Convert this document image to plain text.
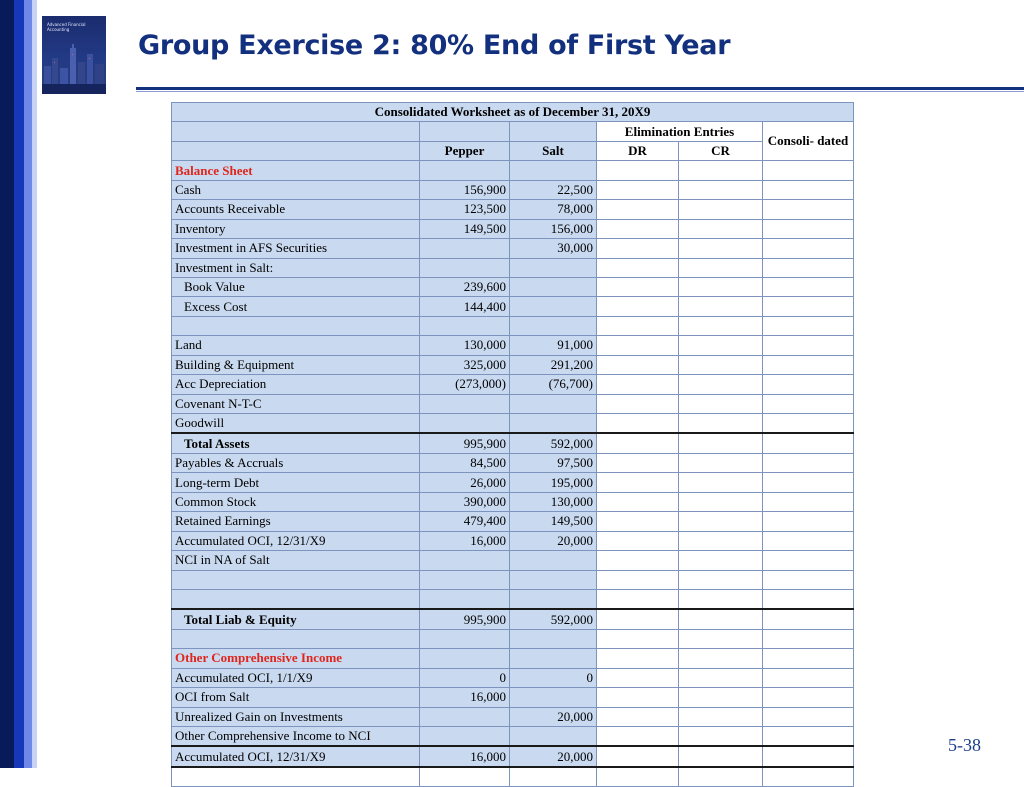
Advanced Financial Accounting
Group Exercise 2: 80% End of First Year
Consolidated Worksheet as of December 31, 20X9					
			Elimination Entries		Consoli- dated
	Pepper	Salt	DR	CR	
Balance Sheet					
Cash	156,900	22,500			
Accounts Receivable	123,500	78,000			
Inventory	149,500	156,000			
Investment in AFS Securities		30,000			
Investment in Salt:					
Book Value	239,600				
Excess Cost	144,400				

Land	130,000	91,000			
Building & Equipment	325,000	291,200			
Acc Depreciation	(273,000)	(76,700)			
Covenant N-T-C					
Goodwill					
Total Assets	995,900	592,000			
Payables & Accruals	84,500	97,500			
Long-term Debt	26,000	195,000			
Common Stock	390,000	130,000			
Retained Earnings	479,400	149,500			
Accumulated OCI, 12/31/X9	16,000	20,000			
NCI in NA of Salt					

Total Liab & Equity	995,900	592,000			

Other Comprehensive Income					
Accumulated OCI, 1/1/X9	0	0			
OCI from Salt	16,000				
Unrealized Gain on Investments		20,000			
Other Comprehensive Income to NCI					
Accumulated OCI, 12/31/X9	16,000	20,000			

5-38
